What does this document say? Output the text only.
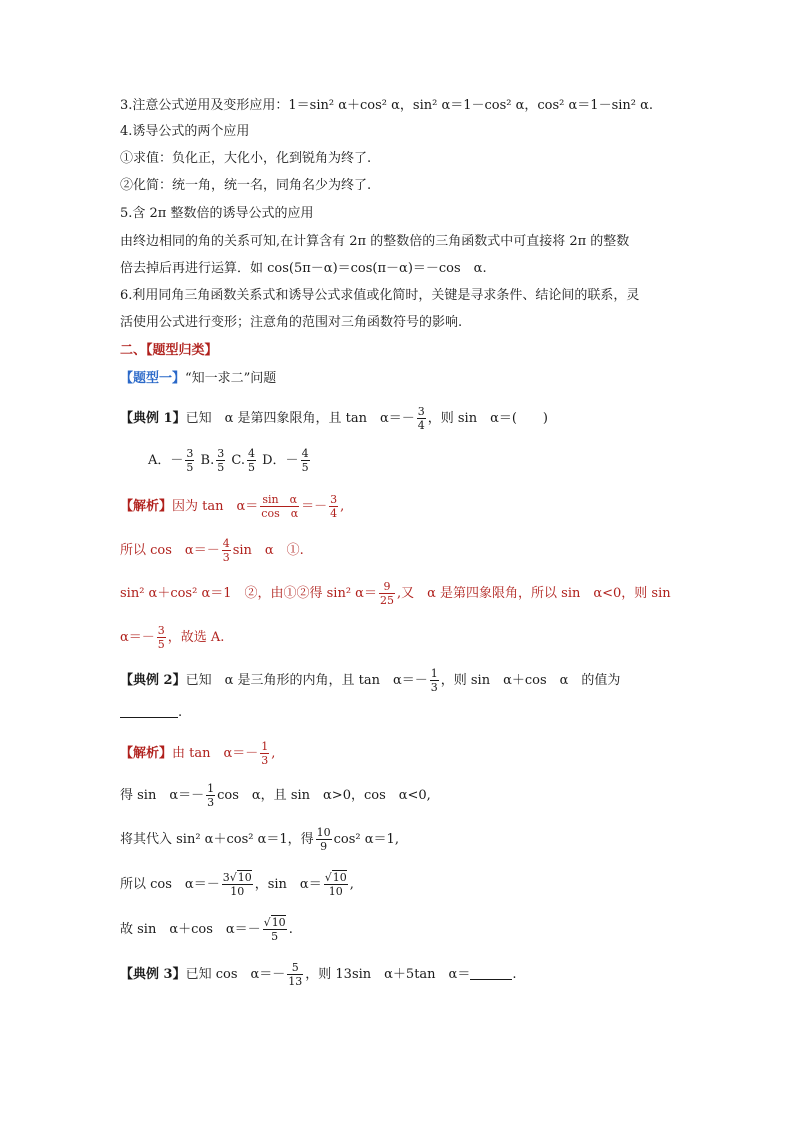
3.注意公式逆用及变形应用：1＝sin² α＋cos² α，sin² α＝1－cos² α，cos² α＝1－sin² α.
4.诱导公式的两个应用
①求值：负化正，大化小，化到锐角为终了.
②化简：统一角，统一名，同角名少为终了.
5.含 2π 整数倍的诱导公式的应用
由终边相同的角的关系可知,在计算含有 2π 的整数倍的三角函数式中可直接将 2π 的整数
倍去掉后再进行运算．如 cos(5π－α)＝cos(π－α)＝－cos　α.
6.利用同角三角函数关系式和诱导公式求值或化简时，关键是寻求条件、结论间的联系，灵
活使用公式进行变形；注意角的范围对三角函数符号的影响.
二、【题型归类】
【题型一】“知一求二”问题
【典例 1】已知　α 是第四象限角，且 tan　$\alpha=- \frac{3}{4}$ ，则 sin　α＝(　　)
A．－ $\frac{3}{5} B$. $\frac{3}{5} C$. $\frac{4}{5}$ D．－ $\frac{4}{5}$
【解析】因为 tan　$\alpha= \frac{\text{sin　α}}{\text{cos　α}} =- \frac{3}{4}$ ,
所以 cos　$\alpha=- \frac{4}{3}$ sin　α　①.
sin² α＋cos² α＝1　②，由①②得 sin² $\alpha= \frac{9}{25}$ ,又　α 是第四象限角，所以 sin　α<0，则 sin
$\alpha=- \frac{3}{5}$ ，故选 A.
【典例 2】已知　α 是三角形的内角，且 tan　$\alpha=- \frac{1}{3}$ ，则 sin　α＋cos　α　的值为
.
【解析】由 tan　$\alpha=- \frac{1}{3}$ ,
得 sin　$\alpha=- \frac{1}{3}$ cos　α，且 sin　α>0，cos　α<0,
将其代入 sin² α＋cos² α＝1，得 $\frac{10}{9} \cos^2$ α＝1,
所以 cos　$\alpha=- \frac{3√10}{10}$ ，sin　$\alpha= \frac{√10}{10}$ ,
故 sin　α＋cos　$\alpha=- \frac{√10}{5}$ .
【典例 3】已知 cos　$\alpha=- \frac{5}{13}$ ，则 13sin　α＋5tan　α＝	.
